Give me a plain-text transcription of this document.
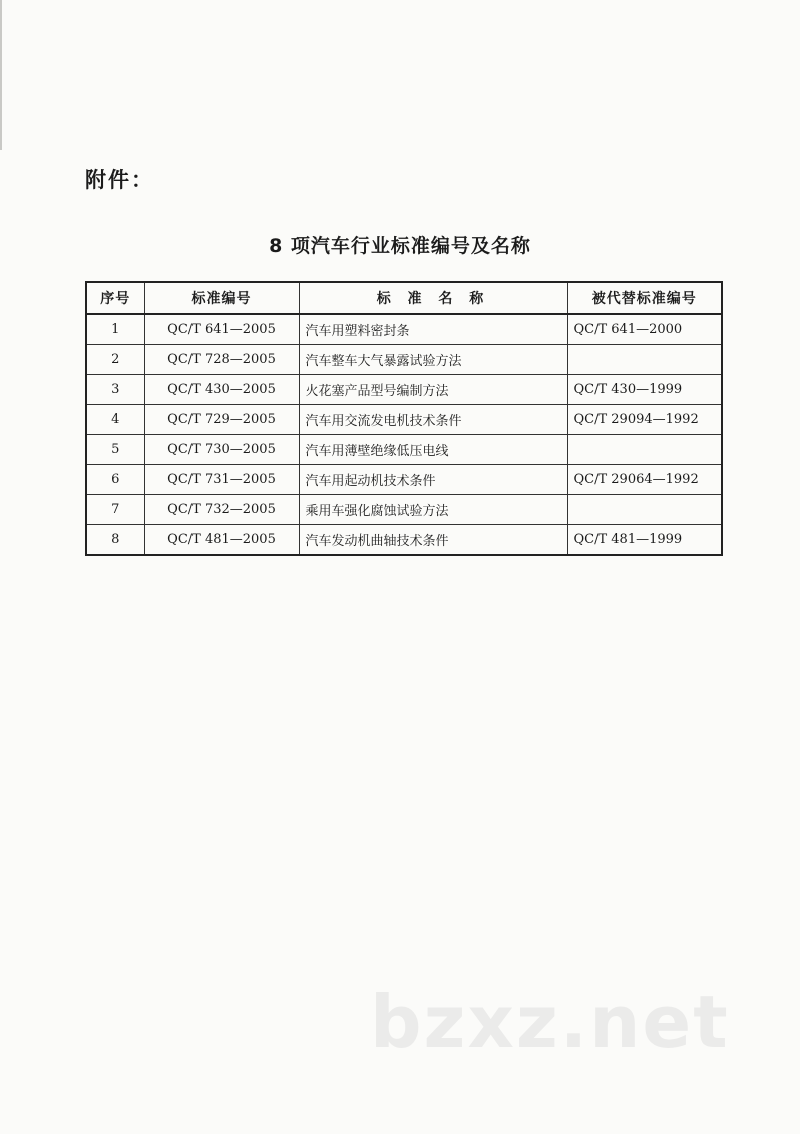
附件：
8 项汽车行业标准编号及名称
序号	标准编号	标 准 名 称	被代替标准编号
1	QC/T 641—2005	汽车用塑料密封条	QC/T 641—2000
2	QC/T 728—2005	汽车整车大气暴露试验方法	
3	QC/T 430—2005	火花塞产品型号编制方法	QC/T 430—1999
4	QC/T 729—2005	汽车用交流发电机技术条件	QC/T 29094—1992
5	QC/T 730—2005	汽车用薄壁绝缘低压电线	
6	QC/T 731—2005	汽车用起动机技术条件	QC/T 29064—1992
7	QC/T 732—2005	乘用车强化腐蚀试验方法	
8	QC/T 481—2005	汽车发动机曲轴技术条件	QC/T 481—1999
bzxz.net
